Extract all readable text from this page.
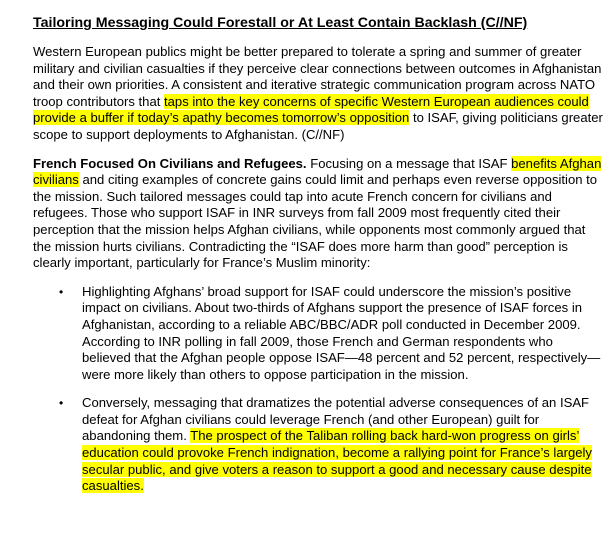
Tailoring Messaging Could Forestall or At Least Contain Backlash (C//NF)

Western European publics might be better prepared to tolerate a spring and summer of greater military and civilian casualties if they perceive clear connections between outcomes in Afghanistan and their own priorities. A consistent and iterative strategic communication program across NATO troop contributors that taps into the key concerns of specific Western European audiences could provide a buffer if today’s apathy becomes tomorrow’s opposition to ISAF, giving politicians greater scope to support deployments to Afghanistan. (C//NF)

French Focused On Civilians and Refugees. Focusing on a message that ISAF benefits Afghan civilians and citing examples of concrete gains could limit and perhaps even reverse opposition to the mission. Such tailored messages could tap into acute French concern for civilians and refugees. Those who support ISAF in INR surveys from fall 2009 most frequently cited their perception that the mission helps Afghan civilians, while opponents most commonly argued that the mission hurts civilians. Contradicting the “ISAF does more harm than good” perception is clearly important, particularly for France’s Muslim minority:

• Highlighting Afghans’ broad support for ISAF could underscore the mission’s positive impact on civilians. About two-thirds of Afghans support the presence of ISAF forces in Afghanistan, according to a reliable ABC/BBC/ADR poll conducted in December 2009. According to INR polling in fall 2009, those French and German respondents who believed that the Afghan people oppose ISAF—48 percent and 52 percent, respectively—were more likely than others to oppose participation in the mission.
• Conversely, messaging that dramatizes the potential adverse consequences of an ISAF defeat for Afghan civilians could leverage French (and other European) guilt for abandoning them. The prospect of the Taliban rolling back hard-won progress on girls’ education could provoke French indignation, become a rallying point for France’s largely secular public, and give voters a reason to support a good and necessary cause despite casualties.
